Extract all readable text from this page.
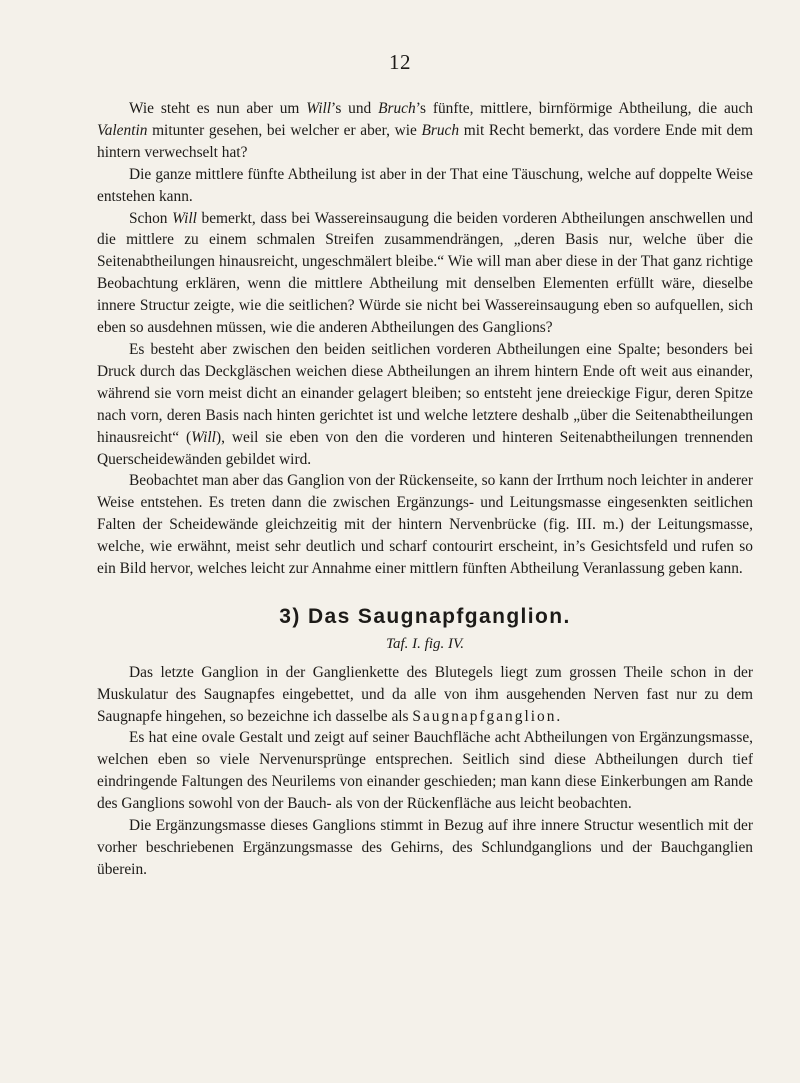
12

Wie steht es nun aber um Will’s und Bruch’s fünfte, mittlere, birnförmige Abtheilung, die auch Valentin mitunter gesehen, bei welcher er aber, wie Bruch mit Recht bemerkt, das vordere Ende mit dem hintern verwechselt hat?

Die ganze mittlere fünfte Abtheilung ist aber in der That eine Täuschung, welche auf doppelte Weise entstehen kann.

Schon Will bemerkt, dass bei Wassereinsaugung die beiden vorderen Abtheilungen anschwellen und die mittlere zu einem schmalen Streifen zusammendrängen, „deren Basis nur, welche über die Seitenabtheilungen hinausreicht, ungeschmälert bleibe.“ Wie will man aber diese in der That ganz richtige Beobachtung erklären, wenn die mittlere Abtheilung mit denselben Elementen erfüllt wäre, dieselbe innere Structur zeigte, wie die seitlichen? Würde sie nicht bei Wassereinsaugung eben so aufquellen, sich eben so ausdehnen müssen, wie die anderen Abtheilungen des Ganglions?

Es besteht aber zwischen den beiden seitlichen vorderen Abtheilungen eine Spalte; besonders bei Druck durch das Deckgläschen weichen diese Abtheilungen an ihrem hintern Ende oft weit aus einander, während sie vorn meist dicht an einander gelagert bleiben; so entsteht jene dreieckige Figur, deren Spitze nach vorn, deren Basis nach hinten gerichtet ist und welche letztere deshalb „über die Seitenabtheilungen hinausreicht“ (Will), weil sie eben von den die vorderen und hinteren Seitenabtheilungen trennenden Querscheidewänden gebildet wird.

Beobachtet man aber das Ganglion von der Rückenseite, so kann der Irrthum noch leichter in anderer Weise entstehen. Es treten dann die zwischen Ergänzungs- und Leitungsmasse eingesenkten seitlichen Falten der Scheidewände gleichzeitig mit der hintern Nervenbrücke (fig. III. m.) der Leitungsmasse, welche, wie erwähnt, meist sehr deutlich und scharf contourirt erscheint, in’s Gesichtsfeld und rufen so ein Bild hervor, welches leicht zur Annahme einer mittlern fünften Abtheilung Veranlassung geben kann.

3) Das Saugnapfganglion.
Taf. I. fig. IV.

Das letzte Ganglion in der Ganglienkette des Blutegels liegt zum grossen Theile schon in der Muskulatur des Saugnapfes eingebettet, und da alle von ihm ausgehenden Nerven fast nur zu dem Saugnapfe hingehen, so bezeichne ich dasselbe als Saugnapfganglion.

Es hat eine ovale Gestalt und zeigt auf seiner Bauchfläche acht Abtheilungen von Ergänzungsmasse, welchen eben so viele Nervenursprünge entsprechen. Seitlich sind diese Abtheilungen durch tief eindringende Faltungen des Neurilems von einander geschieden; man kann diese Einkerbungen am Rande des Ganglions sowohl von der Bauch- als von der Rückenfläche aus leicht beobachten.

Die Ergänzungsmasse dieses Ganglions stimmt in Bezug auf ihre innere Structur wesentlich mit der vorher beschriebenen Ergänzungsmasse des Gehirns, des Schlundganglions und der Bauchganglien überein.
